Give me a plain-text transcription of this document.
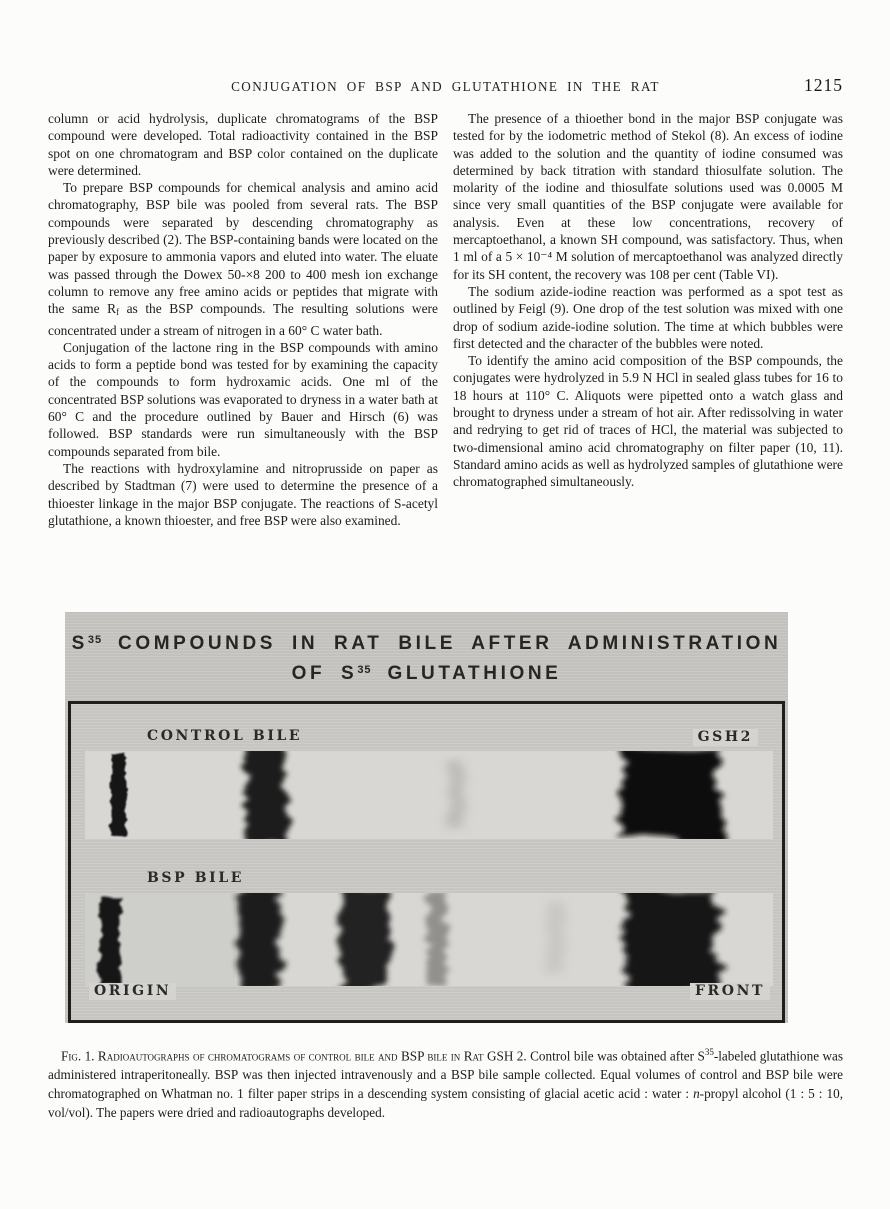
CONJUGATION OF BSP AND GLUTATHIONE IN THE RAT	1215

column or acid hydrolysis, duplicate chromatograms of the BSP compound were developed. Total radioactivity contained in the BSP spot on one chromatogram and BSP color contained on the duplicate were determined.

To prepare BSP compounds for chemical analysis and amino acid chromatography, BSP bile was pooled from several rats. The BSP compounds were separated by descending chromatography as previously described (2). The BSP-containing bands were located on the paper by exposure to ammonia vapors and eluted into water. The eluate was passed through the Dowex 50-×8 200 to 400 mesh ion exchange column to remove any free amino acids or peptides that migrate with the same $R_f$ as the BSP compounds. The resulting solutions were concentrated under a stream of nitrogen in a 60° C water bath.

Conjugation of the lactone ring in the BSP compounds with amino acids to form a peptide bond was tested for by examining the capacity of the compounds to form hydroxamic acids. One ml of the concentrated BSP solutions was evaporated to dryness in a water bath at 60° C and the procedure outlined by Bauer and Hirsch (6) was followed. BSP standards were run simultaneously with the BSP compounds separated from bile.

The reactions with hydroxylamine and nitroprusside on paper as described by Stadtman (7) were used to determine the presence of a thioester linkage in the major BSP conjugate. The reactions of S-acetyl glutathione, a known thioester, and free BSP were also examined.

The presence of a thioether bond in the major BSP conjugate was tested for by the iodometric method of Stekol (8). An excess of iodine was added to the solution and the quantity of iodine consumed was determined by back titration with standard thiosulfate solution. The molarity of the iodine and thiosulfate solutions used was 0.0005 M since very small quantities of the BSP conjugate were available for analysis. Even at these low concentrations, recovery of mercaptoethanol, a known SH compound, was satisfactory. Thus, when 1 ml of a 5 × 10⁻⁴ M solution of mercaptoethanol was analyzed directly for its SH content, the recovery was 108 per cent (Table VI).

The sodium azide-iodine reaction was performed as a spot test as outlined by Feigl (9). One drop of the test solution was mixed with one drop of sodium azide-iodine solution. The time at which bubbles were first detected and the character of the bubbles were noted.

To identify the amino acid composition of the BSP compounds, the conjugates were hydrolyzed in 5.9 N HCl in sealed glass tubes for 16 to 18 hours at 110° C. Aliquots were pipetted onto a watch glass and brought to dryness under a stream of hot air. After redissolving in water and redrying to get rid of traces of HCl, the material was subjected to two-dimensional amino acid chromatography on filter paper (10, 11). Standard amino acids as well as hydrolyzed samples of glutathione were chromatographed simultaneously.

$S^{35}$ COMPOUNDS IN RAT BILE AFTER ADMINISTRATION
OF $S^{35}$ GLUTATHIONE
CONTROL BILE	GSH2
BSP BILE
ORIGIN	FRONT

Fig. 1. Radioautographs of chromatograms of control bile and BSP bile in Rat GSH 2. Control bile was obtained after $S^{35}$-labeled glutathione was administered intraperitoneally. BSP was then injected intravenously and a BSP bile sample collected. Equal volumes of control and BSP bile were chromatographed on Whatman no. 1 filter paper strips in a descending system consisting of glacial acetic acid : water : n-propyl alcohol (1 : 5 : 10, vol/vol). The papers were dried and radioautographs developed.
